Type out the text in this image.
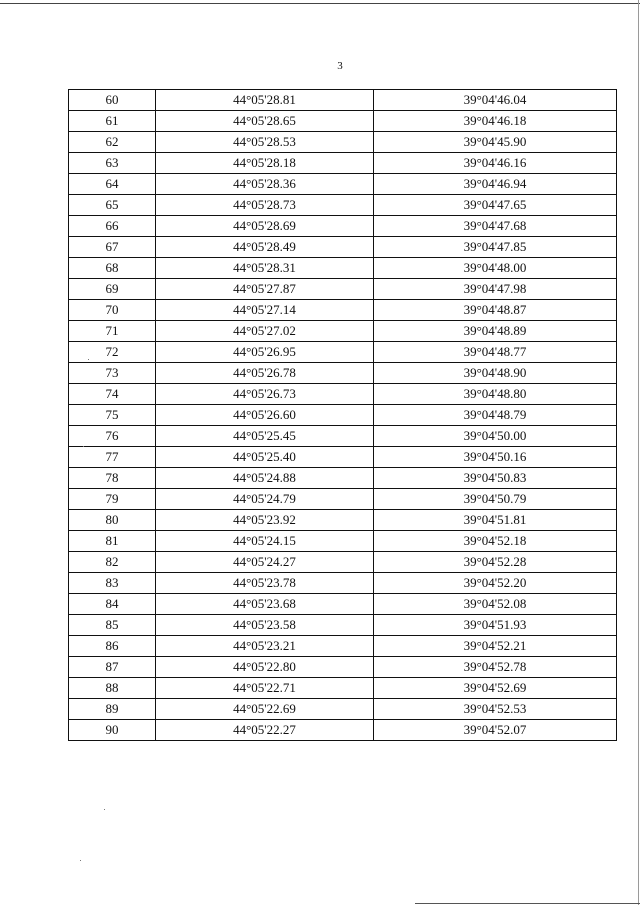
3
60	44°05'28.81	39°04'46.04
61	44°05'28.65	39°04'46.18
62	44°05'28.53	39°04'45.90
63	44°05'28.18	39°04'46.16
64	44°05'28.36	39°04'46.94
65	44°05'28.73	39°04'47.65
66	44°05'28.69	39°04'47.68
67	44°05'28.49	39°04'47.85
68	44°05'28.31	39°04'48.00
69	44°05'27.87	39°04'47.98
70	44°05'27.14	39°04'48.87
71	44°05'27.02	39°04'48.89
72	44°05'26.95	39°04'48.77
73	44°05'26.78	39°04'48.90
74	44°05'26.73	39°04'48.80
75	44°05'26.60	39°04'48.79
76	44°05'25.45	39°04'50.00
77	44°05'25.40	39°04'50.16
78	44°05'24.88	39°04'50.83
79	44°05'24.79	39°04'50.79
80	44°05'23.92	39°04'51.81
81	44°05'24.15	39°04'52.18
82	44°05'24.27	39°04'52.28
83	44°05'23.78	39°04'52.20
84	44°05'23.68	39°04'52.08
85	44°05'23.58	39°04'51.93
86	44°05'23.21	39°04'52.21
87	44°05'22.80	39°04'52.78
88	44°05'22.71	39°04'52.69
89	44°05'22.69	39°04'52.53
90	44°05'22.27	39°04'52.07
